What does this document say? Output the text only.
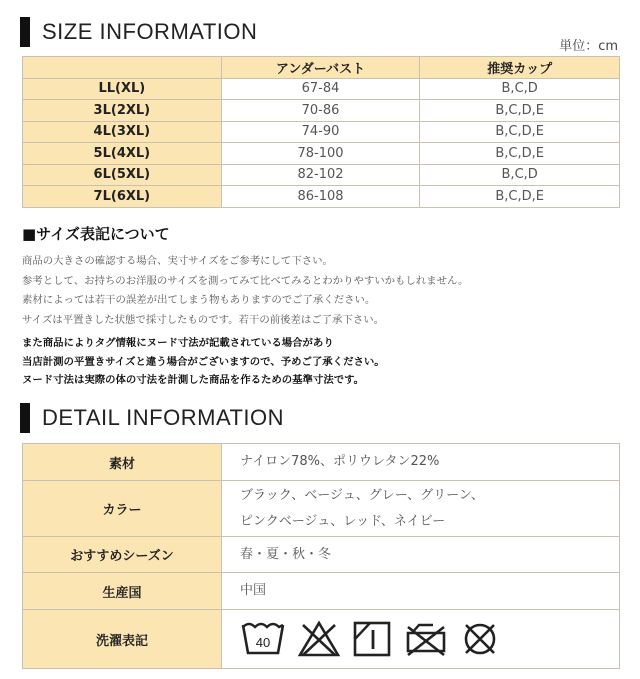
SIZE INFORMATION
単位：cm
	アンダーバスト	推奨カップ
LL(XL)	67-84	B,C,D
3L(2XL)	70-86	B,C,D,E
4L(3XL)	74-90	B,C,D,E
5L(4XL)	78-100	B,C,D,E
6L(5XL)	82-102	B,C,D
7L(6XL)	86-108	B,C,D,E
■サイズ表記について
商品の大きさの確認する場合、実寸サイズをご参考にして下さい。
参考として、お持ちのお洋服のサイズを測ってみて比べてみるとわかりやすいかもしれません。
素材によっては若干の誤差が出てしまう物もありますのでご了承ください。
サイズは平置きした状態で採寸したものです。若干の前後差はご了承下さい。
また商品によりタグ情報にヌード寸法が記載されている場合があり
当店計測の平置きサイズと違う場合がございますので、予めご了承ください。
ヌード寸法は実際の体の寸法を計測した商品を作るための基準寸法です。
DETAIL INFORMATION
素材	ナイロン78%、ポリウレタン22%
カラー	ブラック、ベージュ、グレー、グリーン、
ピンクベージュ、レッド、ネイビー

おすすめシーズン	春・夏・秋・冬
生産国	中国
洗濯表記	40
